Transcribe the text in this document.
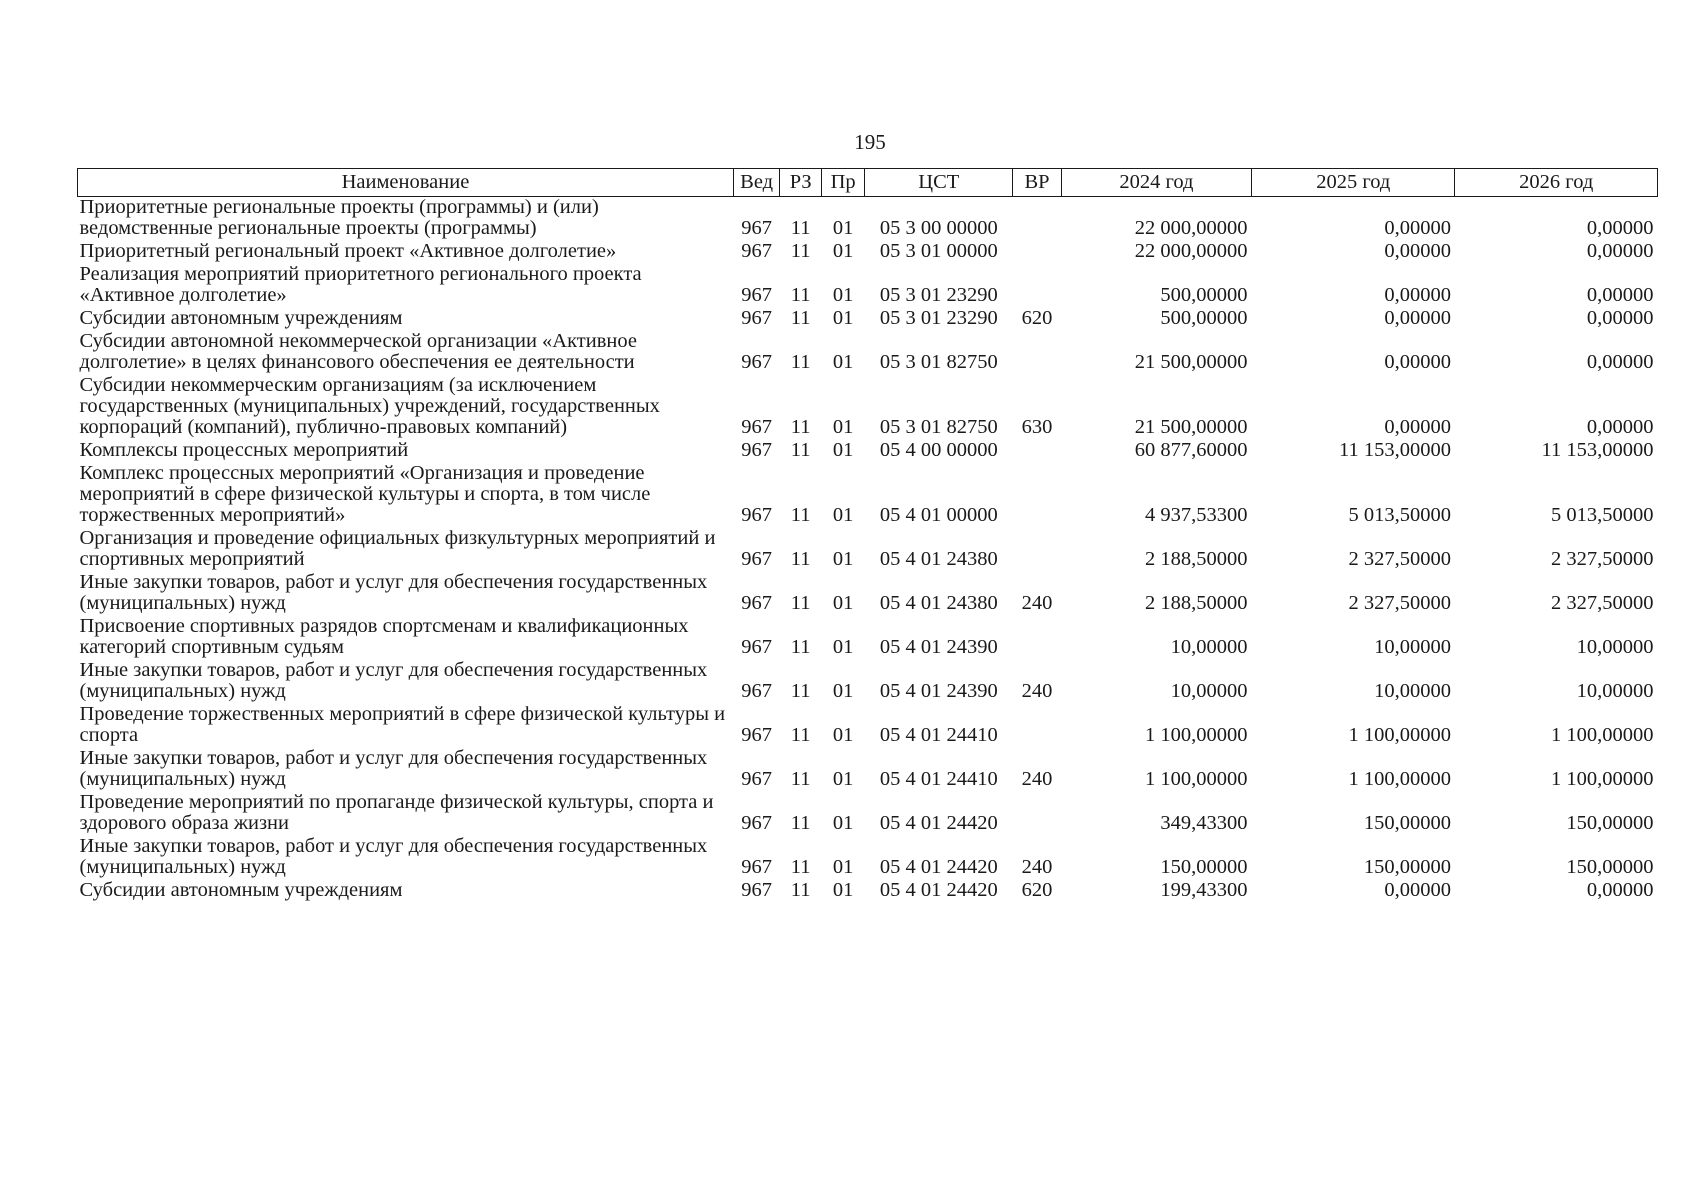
195
Наименование	Вед	РЗ	Пр	ЦСТ	ВР	2024 год	2025 год	2026 год
Приоритетные региональные проекты (программы) и (или) ведомственные региональные проекты (программы)	967	11	01	05 3 00 00000		22 000,00000	0,00000	0,00000
Приоритетный региональный проект «Активное долголетие»	967	11	01	05 3 01 00000		22 000,00000	0,00000	0,00000
Реализация мероприятий приоритетного регионального проекта «Активное долголетие»	967	11	01	05 3 01 23290		500,00000	0,00000	0,00000
Субсидии автономным учреждениям	967	11	01	05 3 01 23290	620	500,00000	0,00000	0,00000
Субсидии автономной некоммерческой организации «Активное долголетие» в целях финансового обеспечения ее деятельности	967	11	01	05 3 01 82750		21 500,00000	0,00000	0,00000
Субсидии некоммерческим организациям (за исключением государственных (муниципальных) учреждений, государственных корпораций (компаний), публично-правовых компаний)	967	11	01	05 3 01 82750	630	21 500,00000	0,00000	0,00000
Комплексы процессных мероприятий	967	11	01	05 4 00 00000		60 877,60000	11 153,00000	11 153,00000
Комплекс процессных мероприятий «Организация и проведение мероприятий в сфере физической культуры и спорта, в том числе торжественных мероприятий»	967	11	01	05 4 01 00000		4 937,53300	5 013,50000	5 013,50000
Организация и проведение официальных физкультурных мероприятий и спортивных мероприятий	967	11	01	05 4 01 24380		2 188,50000	2 327,50000	2 327,50000
Иные закупки товаров, работ и услуг для обеспечения государственных (муниципальных) нужд	967	11	01	05 4 01 24380	240	2 188,50000	2 327,50000	2 327,50000
Присвоение спортивных разрядов спортсменам и квалификационных категорий спортивным судьям	967	11	01	05 4 01 24390		10,00000	10,00000	10,00000
Иные закупки товаров, работ и услуг для обеспечения государственных (муниципальных) нужд	967	11	01	05 4 01 24390	240	10,00000	10,00000	10,00000
Проведение торжественных мероприятий в сфере физической культуры и спорта	967	11	01	05 4 01 24410		1 100,00000	1 100,00000	1 100,00000
Иные закупки товаров, работ и услуг для обеспечения государственных (муниципальных) нужд	967	11	01	05 4 01 24410	240	1 100,00000	1 100,00000	1 100,00000
Проведение мероприятий по пропаганде физической культуры, спорта и здорового образа жизни	967	11	01	05 4 01 24420		349,43300	150,00000	150,00000
Иные закупки товаров, работ и услуг для обеспечения государственных (муниципальных) нужд	967	11	01	05 4 01 24420	240	150,00000	150,00000	150,00000
Субсидии автономным учреждениям	967	11	01	05 4 01 24420	620	199,43300	0,00000	0,00000
